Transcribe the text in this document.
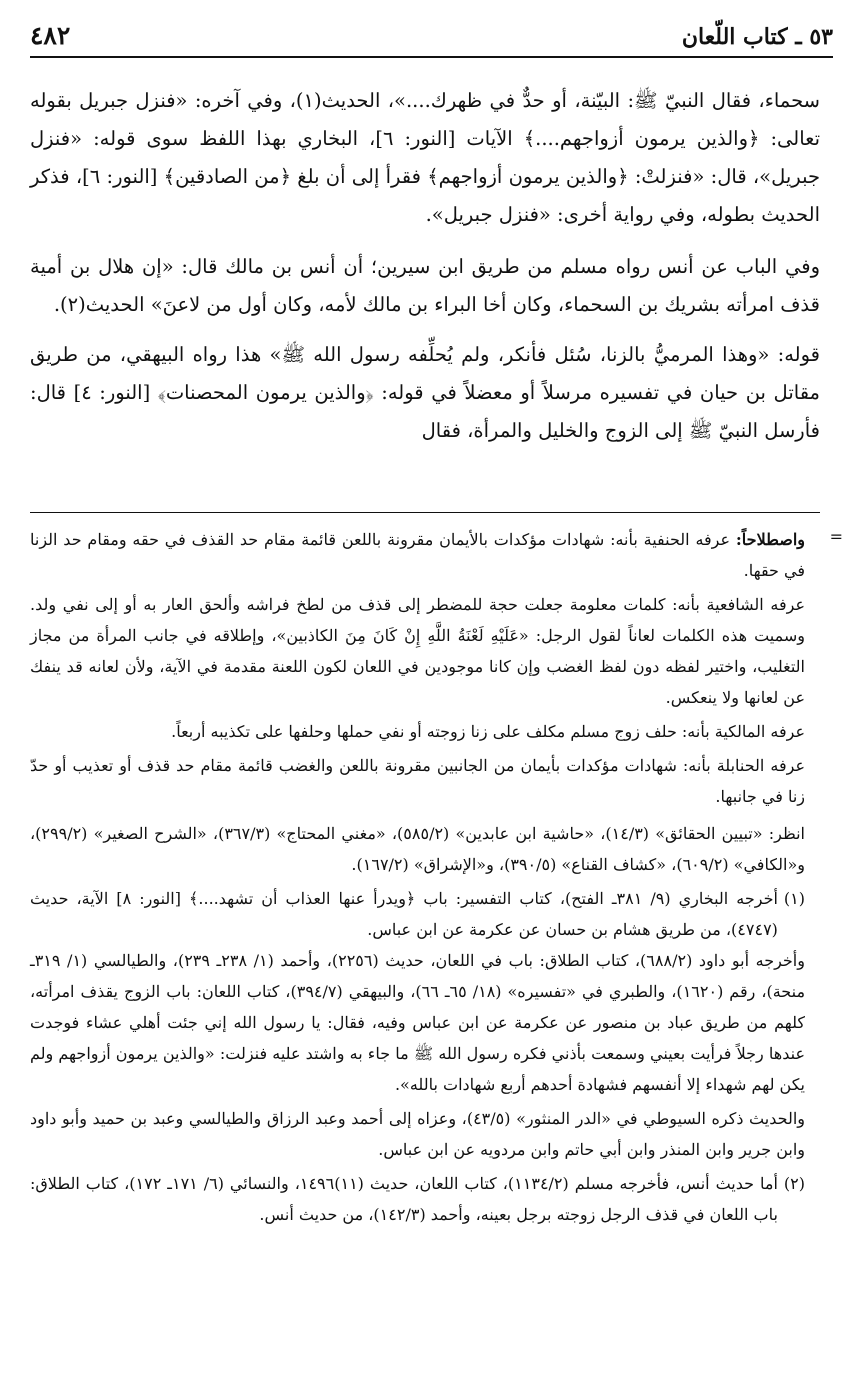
٥٣ ـ كتاب اللّعان
٤٨٢

سحماء، فقال النبيّ ﷺ: البيّنة، أو حدٌّ في ظهرك....»، الحديث(١)، وفي آخره: «فنزل جبريل بقوله تعالى: ﴿والذين يرمون أزواجهم....﴾ الآيات [النور: ٦]، البخاري بهذا اللفظ سوى قوله: «فنزل جبريل»، قال: «فنزلتْ: ﴿والذين يرمون أزواجهم﴾ فقرأ إلى أن بلغ ﴿من الصادقين﴾ [النور: ٦]، فذكر الحديث بطوله، وفي رواية أخرى: «فنزل جبريل».

وفي الباب عن أنس رواه مسلم من طريق ابن سيرين؛ أن أنس بن مالك قال: «إن هلال بن أمية قذف امرأته بشريك بن السحماء، وكان أخا البراء بن مالك لأمه، وكان أول من لاعنَ» الحديث(٢).

قوله: «وهذا المرميُّ بالزنا، سُئل فأنكر، ولم يُحلِّفه رسول الله ﷺ» هذا رواه البيهقي، من طريق مقاتل بن حيان في تفسيره مرسلاً أو معضلاً في قوله: ﴿والذين يرمون المحصنات﴾ [النور: ٤] قال: فأرسل النبيّ ﷺ إلى الزوج والخليل والمرأة، فقال

=

واصطلاحاً: عرفه الحنفية بأنه: شهادات مؤكدات بالأيمان مقرونة باللعن قائمة مقام حد القذف في حقه ومقام حد الزنا في حقها.

عرفه الشافعية بأنه: كلمات معلومة جعلت حجة للمضطر إلى قذف من لطخ فراشه وألحق العار به أو إلى نفي ولد. وسميت هذه الكلمات لعاناً لقول الرجل: «عَلَيْهِ لَعْنَةُ اللَّهِ إِنْ كَانَ مِنَ الكاذبين»، وإطلاقه في جانب المرأة من مجاز التغليب، واختير لفظه دون لفظ الغضب وإن كانا موجودين في اللعان لكون اللعنة مقدمة في الآية، ولأن لعانه قد ينفك عن لعانها ولا ينعكس.

عرفه المالكية بأنه: حلف زوج مسلم مكلف على زنا زوجته أو نفي حملها وحلفها على تكذيبه أربعاً.

عرفه الحنابلة بأنه: شهادات مؤكدات بأيمان من الجانبين مقرونة باللعن والغضب قائمة مقام حد قذف أو تعذيب أو حدّ زنا في جانبها.

انظر: «تبيين الحقائق» (١٤/٣)، «حاشية ابن عابدين» (٥٨٥/٢)، «مغني المحتاج» (٣٦٧/٣)، «الشرح الصغير» (٢٩٩/٢)، و«الكافي» (٦٠٩/٢)، «كشاف القناع» (٣٩٠/٥)، و«الإشراق» (١٦٧/٢).

(١)
أخرجه البخاري (٩/ ٣٨١ـ الفتح)، كتاب التفسير: باب ﴿ويدرأ عنها العذاب أن تشهد....﴾ [النور: ٨] الآية، حديث (٤٧٤٧)، من طريق هشام بن حسان عن عكرمة عن ابن عباس.

وأخرجه أبو داود (٦٨٨/٢)، كتاب الطلاق: باب في اللعان، حديث (٢٢٥٦)، وأحمد (١/ ٢٣٨ـ ٢٣٩)، والطيالسي (١/ ٣١٩ـ منحة)، رقم (١٦٢٠)، والطبري في «تفسيره» (١٨/ ٦٥ـ ٦٦)، والبيهقي (٣٩٤/٧)، كتاب اللعان: باب الزوج يقذف امرأته، كلهم من طريق عباد بن منصور عن عكرمة عن ابن عباس وفيه، فقال: يا رسول الله إني جئت أهلي عشاء فوجدت عندها رجلاً فرأيت بعيني وسمعت بأذني فكره رسول الله ﷺ ما جاء به واشتد عليه فنزلت: «والذين يرمون أزواجهم ولم يكن لهم شهداء إلا أنفسهم فشهادة أحدهم أربع شهادات بالله».

والحديث ذكره السيوطي في «الدر المنثور» (٤٣/٥)، وعزاه إلى أحمد وعبد الرزاق والطيالسي وعبد بن حميد وأبو داود وابن جرير وابن المنذر وابن أبي حاتم وابن مردويه عن ابن عباس.

(٢)
أما حديث أنس، فأخرجه مسلم (١١٣٤/٢)، كتاب اللعان، حديث (١١)١٤٩٦، والنسائي (٦/ ١٧١ـ ١٧٢)، كتاب الطلاق: باب اللعان في قذف الرجل زوجته برجل بعينه، وأحمد (١٤٢/٣)، من حديث أنس.
